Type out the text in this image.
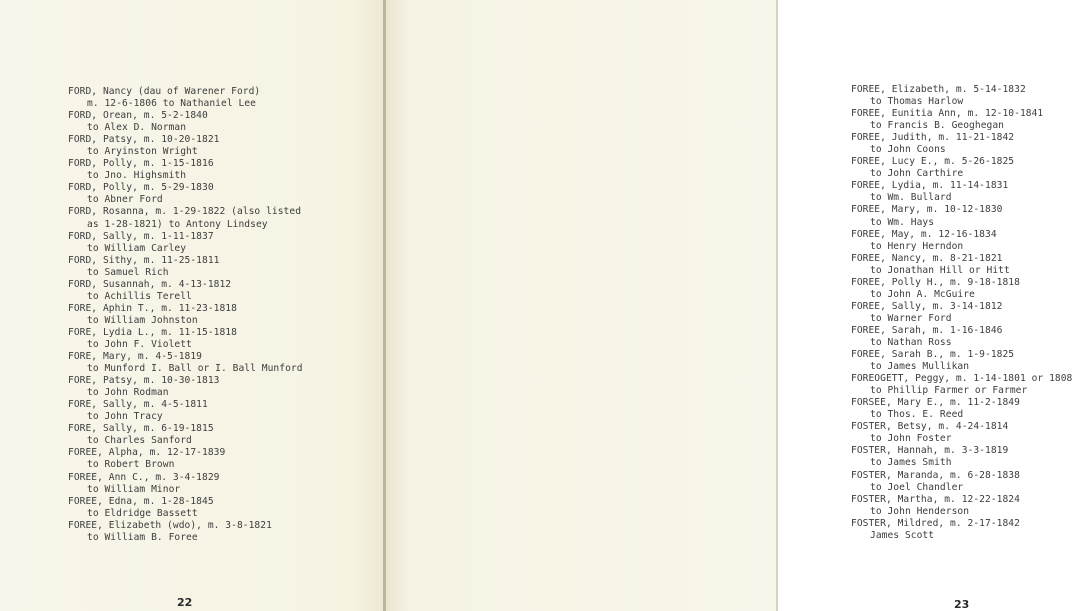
FORD, Nancy (dau of Warener Ford)
m. 12-6-1806 to Nathaniel Lee
FORD, Orean, m. 5-2-1840
to Alex D. Norman
FORD, Patsy, m. 10-20-1821
to Aryinston Wright
FORD, Polly, m. 1-15-1816
to Jno. Highsmith
FORD, Polly, m. 5-29-1830
to Abner Ford
FORD, Rosanna, m. 1-29-1822 (also listed
as 1-28-1821) to Antony Lindsey
FORD, Sally, m. 1-11-1837
to William Carley
FORD, Sithy, m. 11-25-1811
to Samuel Rich
FORD, Susannah, m. 4-13-1812
to Achillis Terell
FORE, Aphin T., m. 11-23-1818
to William Johnston
FORE, Lydia L., m. 11-15-1818
to John F. Violett
FORE, Mary, m. 4-5-1819
to Munford I. Ball or I. Ball Munford
FORE, Patsy, m. 10-30-1813
to John Rodman
FORE, Sally, m. 4-5-1811
to John Tracy
FORE, Sally, m. 6-19-1815
to Charles Sanford
FOREE, Alpha, m. 12-17-1839
to Robert Brown
FOREE, Ann C., m. 3-4-1829
to William Minor
FOREE, Edna, m. 1-28-1845
to Eldridge Bassett
FOREE, Elizabeth (wdo), m. 3-8-1821
to William B. Foree
22
FOREE, Elizabeth, m. 5-14-1832
to Thomas Harlow
FOREE, Eunitia Ann, m. 12-10-1841
to Francis B. Geoghegan
FOREE, Judith, m. 11-21-1842
to John Coons
FOREE, Lucy E., m. 5-26-1825
to John Carthire
FOREE, Lydia, m. 11-14-1831
to Wm. Bullard
FOREE, Mary, m. 10-12-1830
to Wm. Hays
FOREE, May, m. 12-16-1834
to Henry Herndon
FOREE, Nancy, m. 8-21-1821
to Jonathan Hill or Hitt
FOREE, Polly H., m. 9-18-1818
to John A. McGuire
FOREE, Sally, m. 3-14-1812
to Warner Ford
FOREE, Sarah, m. 1-16-1846
to Nathan Ross
FOREE, Sarah B., m. 1-9-1825
to James Mullikan
FOREOGETT, Peggy, m. 1-14-1801 or 1808
to Phillip Farmer or Farmer
FORSEE, Mary E., m. 11-2-1849
to Thos. E. Reed
FOSTER, Betsy, m. 4-24-1814
to John Foster
FOSTER, Hannah, m. 3-3-1819
to James Smith
FOSTER, Maranda, m. 6-28-1838
to Joel Chandler
FOSTER, Martha, m. 12-22-1824
to John Henderson
FOSTER, Mildred, m. 2-17-1842
James Scott
23
